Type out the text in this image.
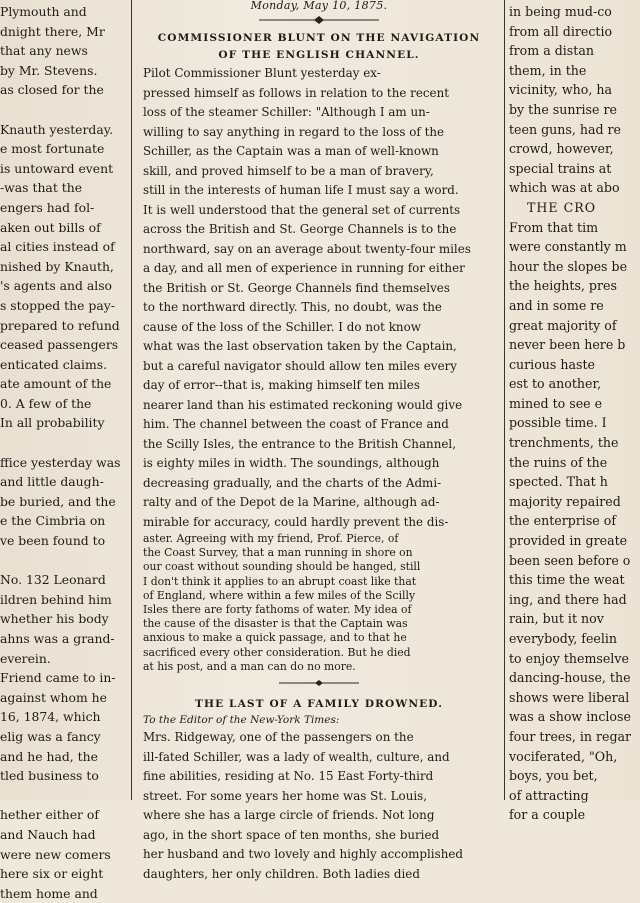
Plymouth and
dnight there, Mr
that any news
by Mr. Stevens.
as closed for the

Knauth yesterday.
e most fortunate
is untoward event
-was that the
engers had fol-
aken out bills of
al cities instead of
nished by Knauth,
's agents and also
s stopped the pay-
prepared to refund
ceased passengers
enticated claims.
ate amount of the
0. A few of the
In all probability

ffice yesterday was
and little daugh-
be buried, and the
e the Cimbria on
ve been found to

No. 132 Leonard
ildren behind him
whether his body
ahns was a grand-
everein.
Friend came to in-
against whom he
16, 1874, which
elig was a fancy
and he had, the
tled business to

hether either of
and Nauch had
were new comers
here six or eight
them home and
Monday, May 10, 1875.

COMMISSIONER BLUNT ON THE NAVIGATION

OF THE ENGLISH CHANNEL.

Pilot Commissioner Blunt yesterday ex-
pressed himself as follows in relation to the recent
loss of the steamer Schiller: "Although I am un-
willing to say anything in regard to the loss of the
Schiller, as the Captain was a man of well-known
skill, and proved himself to be a man of bravery,
still in the interests of human life I must say a word.
It is well understood that the general set of currents
across the British and St. George Channels is to the
northward, say on an average about twenty-four miles
a day, and all men of experience in running for either
the British or St. George Channels find themselves
to the northward directly. This, no doubt, was the
cause of the loss of the Schiller. I do not know
what was the last observation taken by the Captain,
but a careful navigator should allow ten miles every
day of error--that is, making himself ten miles
nearer land than his estimated reckoning would give
him. The channel between the coast of France and
the Scilly Isles, the entrance to the British Channel,
is eighty miles in width. The soundings, although
decreasing gradually, and the charts of the Admi-
ralty and of the Depot de la Marine, although ad-
mirable for accuracy, could hardly prevent the dis-
aster. Agreeing with my friend, Prof. Pierce, of
the Coast Survey, that a man running in shore on
our coast without sounding should be hanged, still
I don't think it applies to an abrupt coast like that
of England, where within a few miles of the Scilly
Isles there are forty fathoms of water. My idea of
the cause of the disaster is that the Captain was
anxious to make a quick passage, and to that he
sacrificed every other consideration. But he died
at his post, and a man can do no more.

THE LAST OF A FAMILY DROWNED.

To the Editor of the New-York Times:
Mrs. Ridgeway, one of the passengers on the
ill-fated Schiller, was a lady of wealth, culture, and
fine abilities, residing at No. 15 East Forty-third
street. For some years her home was St. Louis,
where she has a large circle of friends. Not long
ago, in the short space of ten months, she buried
her husband and two lovely and highly accomplished
daughters, her only children. Both ladies died
in being mud-co
from all directio
from a distan
them, in the
vicinity, who, ha
by the sunrise re
teen guns, had re
crowd, however,
special trains at
which was at abo
THE CRO
From that tim
were constantly m
hour the slopes be
the heights, pres
and in some re
great majority of
never been here b
curious haste
est to another,
mined to see e
possible time. I
trenchments, the
the ruins of the
spected. That h
majority repaired
the enterprise of
provided in greate
been seen before o
this time the weat
ing, and there had
rain, but it nov
everybody, feelin
to enjoy themselve
dancing-house, the
shows were liberal
was a show inclose
four trees, in regar
vociferated, "Oh,
boys, you bet,
of attracting
for a couple
